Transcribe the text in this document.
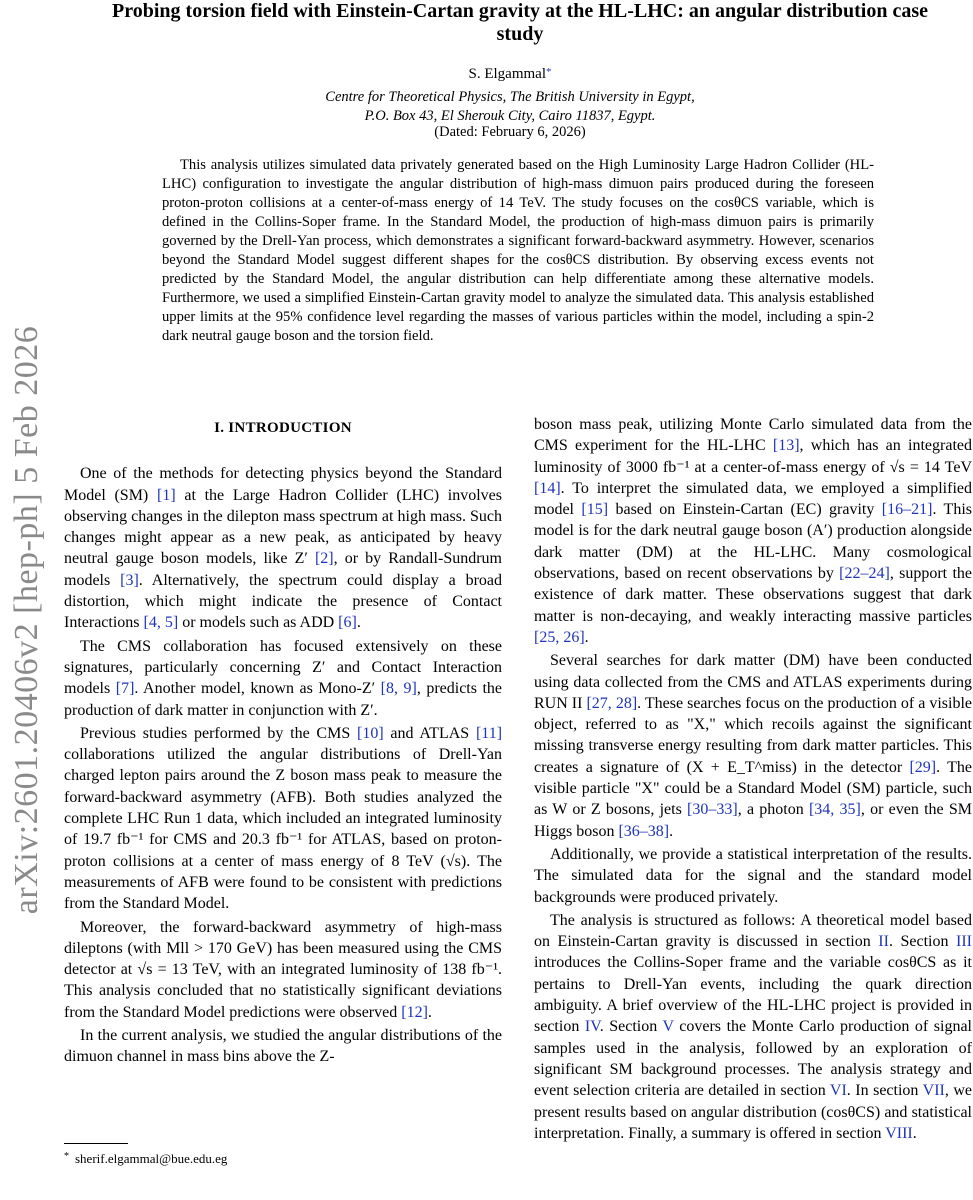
arXiv:2601.20406v2 [hep-ph] 5 Feb 2026
Probing torsion field with Einstein-Cartan gravity at the HL-LHC: an angular distribution case study
S. Elgammal*
Centre for Theoretical Physics, The British University in Egypt,
P.O. Box 43, El Sherouk City, Cairo 11837, Egypt.
(Dated: February 6, 2026)

This analysis utilizes simulated data privately generated based on the High Luminosity Large Hadron Collider (HL-LHC) configuration to investigate the angular distribution of high-mass dimuon pairs produced during the foreseen proton-proton collisions at a center-of-mass energy of 14 TeV. The study focuses on the cosθCS variable, which is defined in the Collins-Soper frame. In the Standard Model, the production of high-mass dimuon pairs is primarily governed by the Drell-Yan process, which demonstrates a significant forward-backward asymmetry. However, scenarios beyond the Standard Model suggest different shapes for the cosθCS distribution. By observing excess events not predicted by the Standard Model, the angular distribution can help differentiate among these alternative models. Furthermore, we used a simplified Einstein-Cartan gravity model to analyze the simulated data. This analysis established upper limits at the 95% confidence level regarding the masses of various particles within the model, including a spin-2 dark neutral gauge boson and the torsion field.

I. INTRODUCTION

One of the methods for detecting physics beyond the Standard Model (SM) [1] at the Large Hadron Collider (LHC) involves observing changes in the dilepton mass spectrum at high mass. Such changes might appear as a new peak, as anticipated by heavy neutral gauge boson models, like Z′ [2], or by Randall-Sundrum models [3]. Alternatively, the spectrum could display a broad distortion, which might indicate the presence of Contact Interactions [4, 5] or models such as ADD [6].

The CMS collaboration has focused extensively on these signatures, particularly concerning Z′ and Contact Interaction models [7]. Another model, known as Mono-Z′ [8, 9], predicts the production of dark matter in conjunction with Z′.

Previous studies performed by the CMS [10] and ATLAS [11] collaborations utilized the angular distributions of Drell-Yan charged lepton pairs around the Z boson mass peak to measure the forward-backward asymmetry (AFB). Both studies analyzed the complete LHC Run 1 data, which included an integrated luminosity of 19.7 fb⁻¹ for CMS and 20.3 fb⁻¹ for ATLAS, based on proton-proton collisions at a center of mass energy of 8 TeV (√s). The measurements of AFB were found to be consistent with predictions from the Standard Model.

Moreover, the forward-backward asymmetry of high-mass dileptons (with Mll > 170 GeV) has been measured using the CMS detector at √s = 13 TeV, with an integrated luminosity of 138 fb⁻¹. This analysis concluded that no statistically significant deviations from the Standard Model predictions were observed [12].

In the current analysis, we studied the angular distributions of the dimuon channel in mass bins above the Z-

* sherif.elgammal@bue.edu.eg

boson mass peak, utilizing Monte Carlo simulated data from the CMS experiment for the HL-LHC [13], which has an integrated luminosity of 3000 fb⁻¹ at a center-of-mass energy of √s = 14 TeV [14]. To interpret the simulated data, we employed a simplified model [15] based on Einstein-Cartan (EC) gravity [16–21]. This model is for the dark neutral gauge boson (A′) production alongside dark matter (DM) at the HL-LHC. Many cosmological observations, based on recent observations by [22–24], support the existence of dark matter. These observations suggest that dark matter is non-decaying, and weakly interacting massive particles [25, 26].

Several searches for dark matter (DM) have been conducted using data collected from the CMS and ATLAS experiments during RUN II [27, 28]. These searches focus on the production of a visible object, referred to as "X," which recoils against the significant missing transverse energy resulting from dark matter particles. This creates a signature of (X + E_T^miss) in the detector [29]. The visible particle "X" could be a Standard Model (SM) particle, such as W or Z bosons, jets [30–33], a photon [34, 35], or even the SM Higgs boson [36–38].

Additionally, we provide a statistical interpretation of the results. The simulated data for the signal and the standard model backgrounds were produced privately.

The analysis is structured as follows: A theoretical model based on Einstein-Cartan gravity is discussed in section II. Section III introduces the Collins-Soper frame and the variable cosθCS as it pertains to Drell-Yan events, including the quark direction ambiguity. A brief overview of the HL-LHC project is provided in section IV. Section V covers the Monte Carlo production of signal samples used in the analysis, followed by an exploration of significant SM background processes. The analysis strategy and event selection criteria are detailed in section VI. In section VII, we present results based on angular distribution (cosθCS) and statistical interpretation. Finally, a summary is offered in section VIII.
